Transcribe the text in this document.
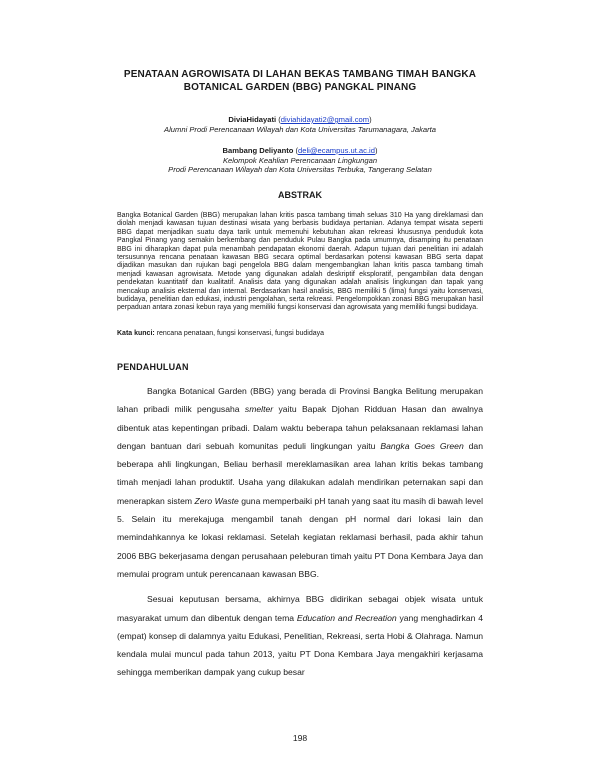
PENATAAN AGROWISATA DI LAHAN BEKAS TAMBANG TIMAH BANGKA
BOTANICAL GARDEN (BBG) PANGKAL PINANG
DiviaHidayati (diviahidayati2@gmail.com)
Alumni Prodi Perencanaan Wilayah dan Kota Universitas Tarumanagara, Jakarta
Bambang Deliyanto (deli@ecampus.ut.ac.id)
Kelompok Keahlian Perencanaan Lingkungan
Prodi Perencanaan Wilayah dan Kota Universitas Terbuka, Tangerang Selatan
ABSTRAK
Bangka Botanical Garden (BBG) merupakan lahan kritis pasca tambang timah seluas 310 Ha yang direklamasi dan diolah menjadi kawasan tujuan destinasi wisata yang berbasis budidaya pertanian. Adanya tempat wisata seperti BBG dapat menjadikan suatu daya tarik untuk memenuhi kebutuhan akan rekreasi khususnya penduduk kota Pangkal Pinang yang semakin berkembang dan penduduk Pulau Bangka pada umumnya, disamping itu penataan BBG ini diharapkan dapat pula menambah pendapatan ekonomi daerah. Adapun tujuan dari penelitian ini adalah tersusunnya rencana penataan kawasan BBG secara optimal berdasarkan potensi kawasan BBG serta dapat dijadikan masukan dan rujukan bagi pengelola BBG dalam mengembangkan lahan kritis pasca tambang timah menjadi kawasan agrowisata. Metode yang digunakan adalah deskriptif eksploratif, pengambilan data dengan pendekatan kuantitatif dan kualitatif. Analisis data yang digunakan adalah analisis lingkungan dan tapak yang mencakup analisis eksternal dan internal. Berdasarkan hasil analisis, BBG memiliki 5 (lima) fungsi yaitu konservasi, budidaya, penelitian dan edukasi, industri pengolahan, serta rekreasi. Pengelompokkan zonasi BBG merupakan hasil perpaduan antara zonasi kebun raya yang memiliki fungsi konservasi dan agrowisata yang memiliki fungsi budidaya.
Kata kunci: rencana penataan, fungsi konservasi, fungsi budidaya
PENDAHULUAN

Bangka Botanical Garden (BBG) yang berada di Provinsi Bangka Belitung merupakan lahan pribadi milik pengusaha smelter yaitu Bapak Djohan Ridduan Hasan dan awalnya dibentuk atas kepentingan pribadi. Dalam waktu beberapa tahun pelaksanaan reklamasi lahan dengan bantuan dari sebuah komunitas peduli lingkungan yaitu Bangka Goes Green dan beberapa ahli lingkungan, Beliau berhasil mereklamasikan area lahan kritis bekas tambang timah menjadi lahan produktif. Usaha yang dilakukan adalah mendirikan peternakan sapi dan menerapkan sistem Zero Waste guna memperbaiki pH tanah yang saat itu masih di bawah level 5. Selain itu merekajuga mengambil tanah dengan pH normal dari lokasi lain dan memindahkannya ke lokasi reklamasi. Setelah kegiatan reklamasi berhasil, pada akhir tahun 2006 BBG bekerjasama dengan perusahaan peleburan timah yaitu PT Dona Kembara Jaya dan memulai program untuk perencanaan kawasan BBG.

Sesuai keputusan bersama, akhirnya BBG didirikan sebagai objek wisata untuk masyarakat umum dan dibentuk dengan tema Education and Recreation yang menghadirkan 4 (empat) konsep di dalamnya yaitu Edukasi, Penelitian, Rekreasi, serta Hobi & Olahraga. Namun kendala mulai muncul pada tahun 2013, yaitu PT Dona Kembara Jaya mengakhiri kerjasama sehingga memberikan dampak yang cukup besar

198
